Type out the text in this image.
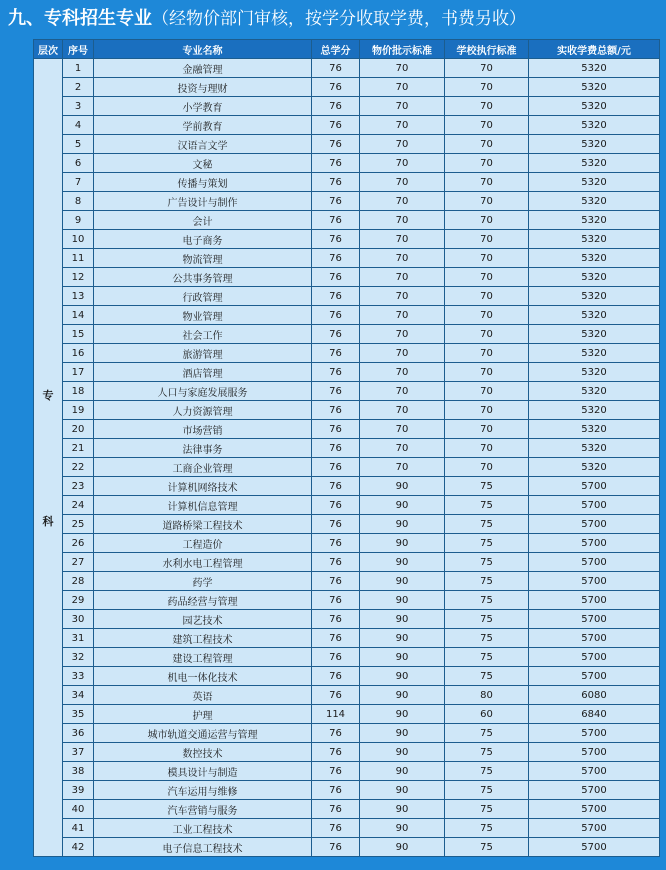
九、专科招生专业（经物价部门审核，按学分收取学费，书费另收）
层次	序号	专业名称	总学分	物价批示标准	学校执行标准	实收学费总额/元

专
科	1	金融管理	76	70	70	5320
	2	投资与理财	76	70	70	5320
	3	小学教育	76	70	70	5320
	4	学前教育	76	70	70	5320
	5	汉语言文学	76	70	70	5320
	6	文秘	76	70	70	5320
	7	传播与策划	76	70	70	5320
	8	广告设计与制作	76	70	70	5320
	9	会计	76	70	70	5320
	10	电子商务	76	70	70	5320
	11	物流管理	76	70	70	5320
	12	公共事务管理	76	70	70	5320
	13	行政管理	76	70	70	5320
	14	物业管理	76	70	70	5320
	15	社会工作	76	70	70	5320
	16	旅游管理	76	70	70	5320
	17	酒店管理	76	70	70	5320
	18	人口与家庭发展服务	76	70	70	5320
	19	人力资源管理	76	70	70	5320
	20	市场营销	76	70	70	5320
	21	法律事务	76	70	70	5320
	22	工商企业管理	76	70	70	5320
	23	计算机网络技术	76	90	75	5700
	24	计算机信息管理	76	90	75	5700
	25	道路桥梁工程技术	76	90	75	5700
	26	工程造价	76	90	75	5700
	27	水利水电工程管理	76	90	75	5700
	28	药学	76	90	75	5700
	29	药品经营与管理	76	90	75	5700
	30	园艺技术	76	90	75	5700
	31	建筑工程技术	76	90	75	5700
	32	建设工程管理	76	90	75	5700
	33	机电一体化技术	76	90	75	5700
	34	英语	76	90	80	6080
	35	护理	114	90	60	6840
	36	城市轨道交通运营与管理	76	90	75	5700
	37	数控技术	76	90	75	5700
	38	模具设计与制造	76	90	75	5700
	39	汽车运用与维修	76	90	75	5700
	40	汽车营销与服务	76	90	75	5700
	41	工业工程技术	76	90	75	5700
	42	电子信息工程技术	76	90	75	5700
